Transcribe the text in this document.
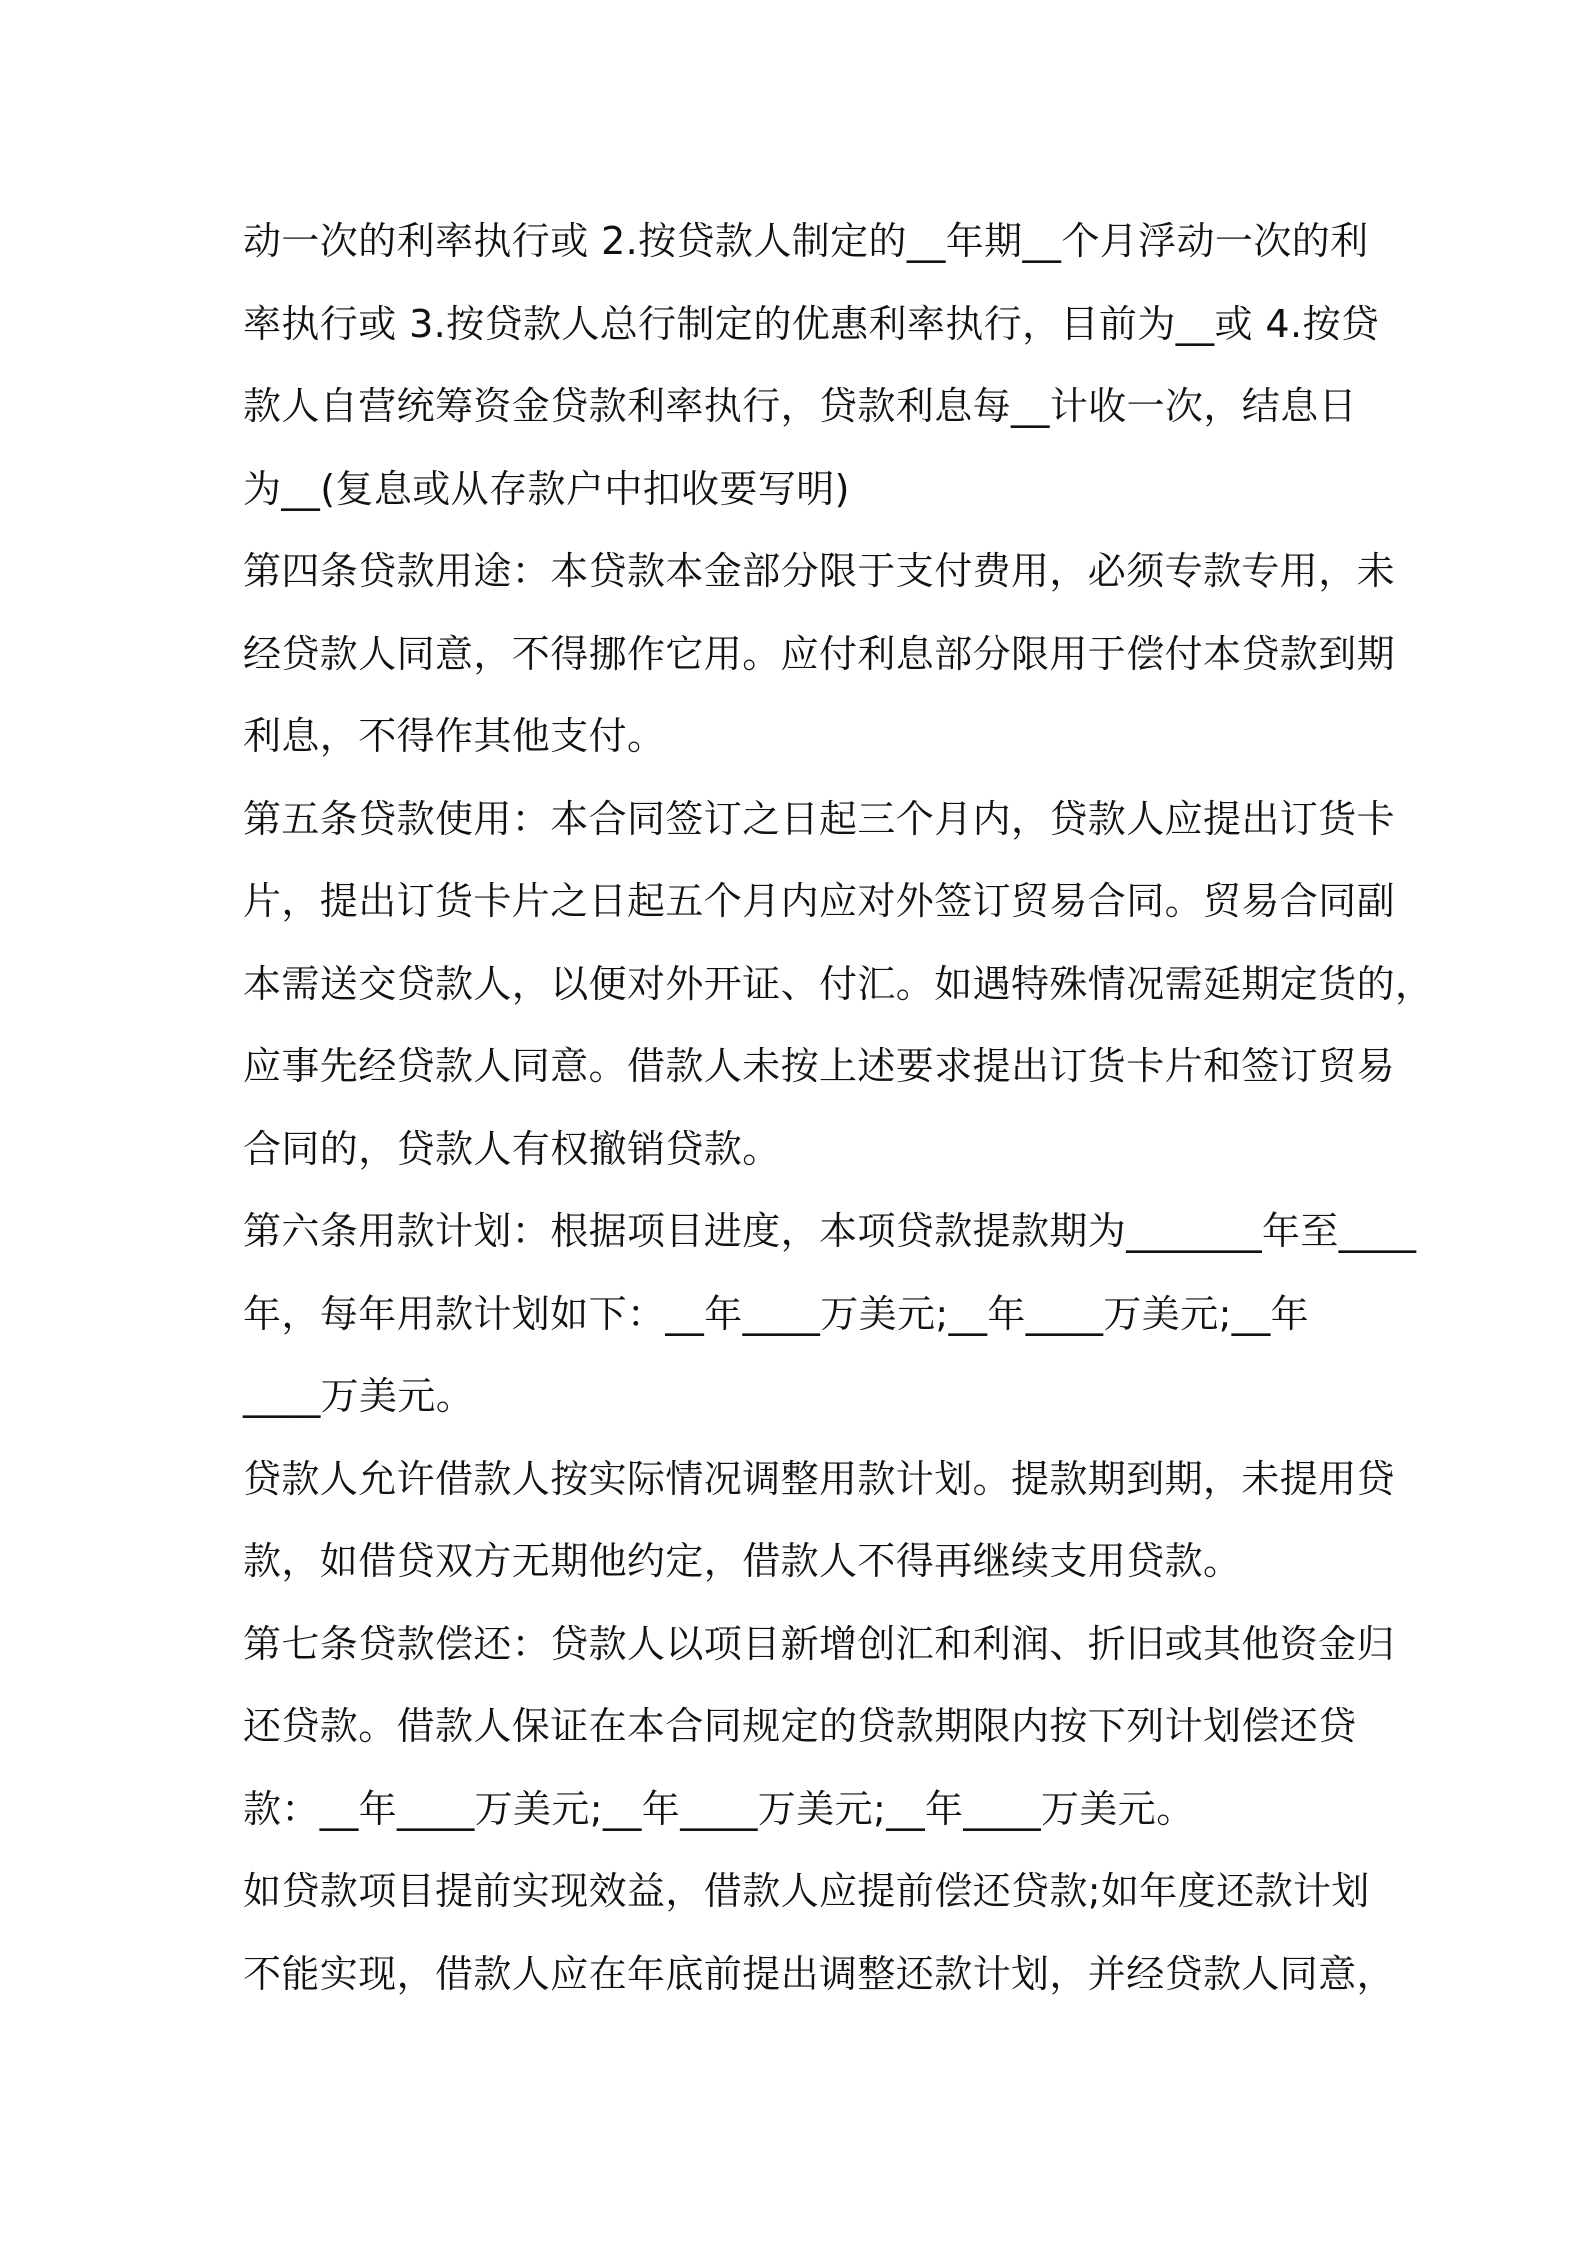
动一次的利率执行或 2.按贷款人制定的__年期__个月浮动一次的利
率执行或 3.按贷款人总行制定的优惠利率执行，目前为__或 4.按贷
款人自营统筹资金贷款利率执行，贷款利息每__计收一次，结息日
为__(复息或从存款户中扣收要写明)
第四条贷款用途：本贷款本金部分限于支付费用，必须专款专用，未
经贷款人同意，不得挪作它用。应付利息部分限用于偿付本贷款到期
利息，不得作其他支付。
第五条贷款使用：本合同签订之日起三个月内，贷款人应提出订货卡
片，提出订货卡片之日起五个月内应对外签订贸易合同。贸易合同副
本需送交贷款人，以便对外开证、付汇。如遇特殊情况需延期定货的，
应事先经贷款人同意。借款人未按上述要求提出订货卡片和签订贸易
合同的，贷款人有权撤销贷款。
第六条用款计划：根据项目进度，本项贷款提款期为_______年至____
年，每年用款计划如下：__年____万美元;__年____万美元;__年
____万美元。
贷款人允许借款人按实际情况调整用款计划。提款期到期，未提用贷
款，如借贷双方无期他约定，借款人不得再继续支用贷款。
第七条贷款偿还：贷款人以项目新增创汇和利润、折旧或其他资金归
还贷款。借款人保证在本合同规定的贷款期限内按下列计划偿还贷
款：__年____万美元;__年____万美元;__年____万美元。
如贷款项目提前实现效益，借款人应提前偿还贷款;如年度还款计划
不能实现，借款人应在年底前提出调整还款计划，并经贷款人同意，
